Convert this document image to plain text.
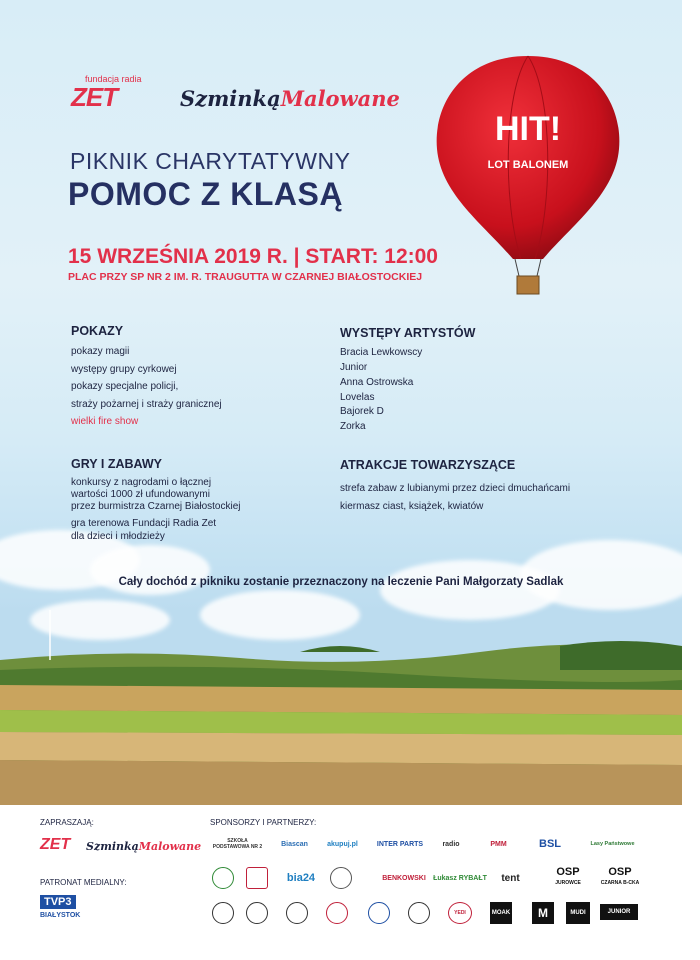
fundacja radia
ZET	SzminkąMalowane
PIKNIK CHARYTATYWNY
POMOC Z KLASĄ
15 WRZEŚNIA 2019 R. | START: 12:00
PLAC PRZY SP NR 2 IM. R. TRAUGUTTA W CZARNEJ BIAŁOSTOCKIEJ
HIT!
LOT BALONEM
POKAZY
pokazy magii
występy grupy cyrkowej
pokazy specjalne policji,
straży pożarnej i straży granicznej
wielki fire show
WYSTĘPY ARTYSTÓW
Bracia Lewkowscy
Junior
Anna Ostrowska
Lovelas
Bajorek D
Zorka
GRY I ZABAWY
konkursy z nagrodami o łącznej
wartości 1000 zł ufundowanymi
przez burmistrza Czarnej Białostockiej
gra terenowa Fundacji Radia Zet
dla dzieci i młodzieży
ATRAKCJE TOWARZYSZĄCE
strefa zabaw z lubianymi przez dzieci dmuchańcami
kiermasz ciast, książek, kwiatów
Cały dochód z pikniku zostanie przeznaczony na leczenie Pani Małgorzaty Sadlak
ZAPRASZAJĄ:	SPONSORZY I PARTNERZY:
ZET SzminkąMalowane
PATRONAT MEDIALNY:
TVP3
BIAŁYSTOK
SZKOŁA PODSTAWOWA NR 2	Biascan	akupuj.pl	INTER PARTS	radio	PMM	BSL	Lasy Państwowe
bia24	BENKOWSKI	Łukasz RYBAŁT	tent	OSP
JUROWCE
OSP
CZARNA B-CKA
YEDI	MOAK	M	MUDI	JUNIOR
